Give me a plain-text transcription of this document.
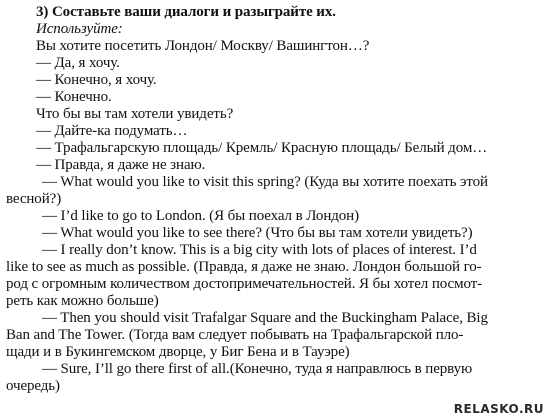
3) Составьте ваши диалоги и разыграйте их.
Используйте:
Вы хотите посетить Лондон/ Москву/ Вашингтон…?
— Да, я хочу.
— Конечно, я хочу.
— Конечно.
Что бы вы там хотели увидеть?
— Дайте-ка подумать…
— Трафальгарскую площадь/ Кремль/ Красную площадь/ Белый дом…
— Правда, я даже не знаю.
— What would you like to visit this spring? (Куда вы хотите поехать этой
весной?)
— I’d like to go to London. (Я бы поехал в Лондон)
— What would you like to see there? (Что бы вы там хотели увидеть?)
— I really don’t know. This is a big city with lots of places of interest. I’d
like to see as much as possible. (Правда, я даже не знаю. Лондон большой го-
род с огромным количеством достопримечательностей. Я бы хотел посмот-
реть как можно больше)
— Then you should visit Trafalgar Square and the Buckingham Palace, Big
Ban and The Tower. (Тогда вам следует побывать на Трафальгарской пло-
щади и в Букингемском дворце, у Биг Бена и в Тауэре)
— Sure, I’ll go there first of all.(Конечно, туда я направлюсь в первую
очередь)
RELASKO.RU
